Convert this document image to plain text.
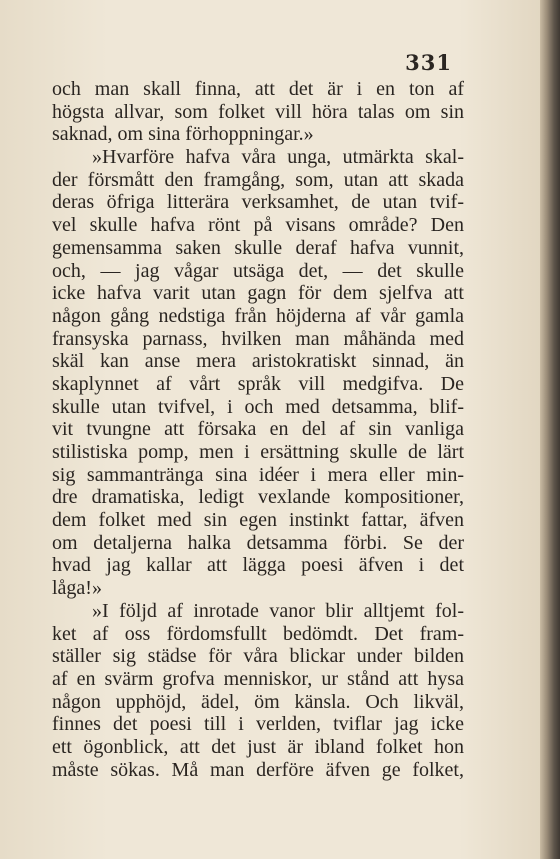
331
och man skall finna, att det är i en ton af
högsta allvar, som folket vill höra talas om sin
saknad, om sina förhoppningar.»
»Hvarföre hafva våra unga, utmärkta skal-
der försmått den framgång, som, utan att skada
deras öfriga litterära verksamhet, de utan tvif-
vel skulle hafva rönt på visans område? Den
gemensamma saken skulle deraf hafva vunnit,
och, — jag vågar utsäga det, — det skulle
icke hafva varit utan gagn för dem sjelfva att
någon gång nedstiga från höjderna af vår gamla
fransyska parnass, hvilken man måhända med
skäl kan anse mera aristokratiskt sinnad, än
skaplynnet af vårt språk vill medgifva. De
skulle utan tvifvel, i och med detsamma, blif-
vit tvungne att försaka en del af sin vanliga
stilistiska pomp, men i ersättning skulle de lärt
sig sammantränga sina idéer i mera eller min-
dre dramatiska, ledigt vexlande kompositioner,
dem folket med sin egen instinkt fattar, äfven
om detaljerna halka detsamma förbi. Se der
hvad jag kallar att lägga poesi äfven i det
låga!»
»I följd af inrotade vanor blir alltjemt fol-
ket af oss fördomsfullt bedömdt. Det fram-
ställer sig städse för våra blickar under bilden
af en svärm grofva menniskor, ur stånd att hysa
någon upphöjd, ädel, öm känsla. Och likväl,
finnes det poesi till i verlden, tviflar jag icke
ett ögonblick, att det just är ibland folket hon
måste sökas. Må man derföre äfven ge folket,
